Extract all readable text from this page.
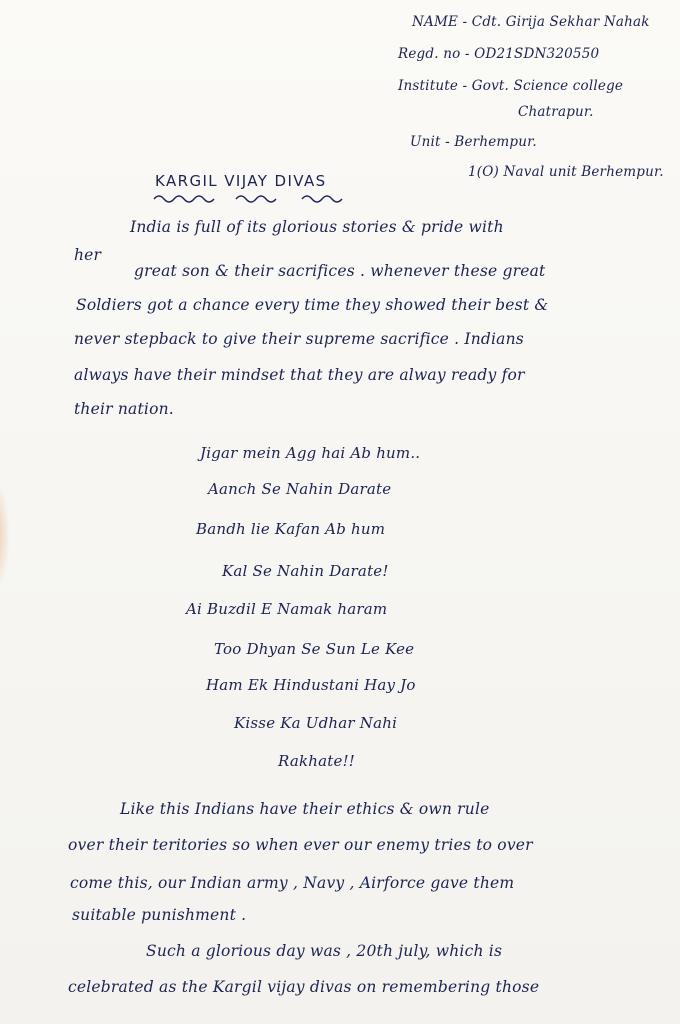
NAME - Cdt. Girija Sekhar Nahak
Regd. no - OD21SDN320550
Institute - Govt. Science college
Chatrapur.
Unit - Berhempur.
1(O) Naval unit Berhempur.
KARGIL VIJAY DIVAS
India is full of its glorious stories & pride with
her
great son & their sacrifices . whenever these great
Soldiers got a chance every time they showed their best &
never stepback to give their supreme sacrifice . Indians
always have their mindset that they are alway ready for
their nation.
Jigar mein Agg hai Ab hum..
Aanch Se Nahin Darate
Bandh lie Kafan Ab hum
Kal Se Nahin Darate!
Ai Buzdil E Namak haram
Too Dhyan Se Sun Le Kee
Ham Ek Hindustani Hay Jo
Kisse Ka Udhar Nahi
Rakhate!!
Like this Indians have their ethics & own rule
over their teritories so when ever our enemy tries to over
come this, our Indian army , Navy , Airforce gave them
suitable punishment .
Such a glorious day was , 20th july, which is
celebrated as the Kargil vijay divas on remembering those
